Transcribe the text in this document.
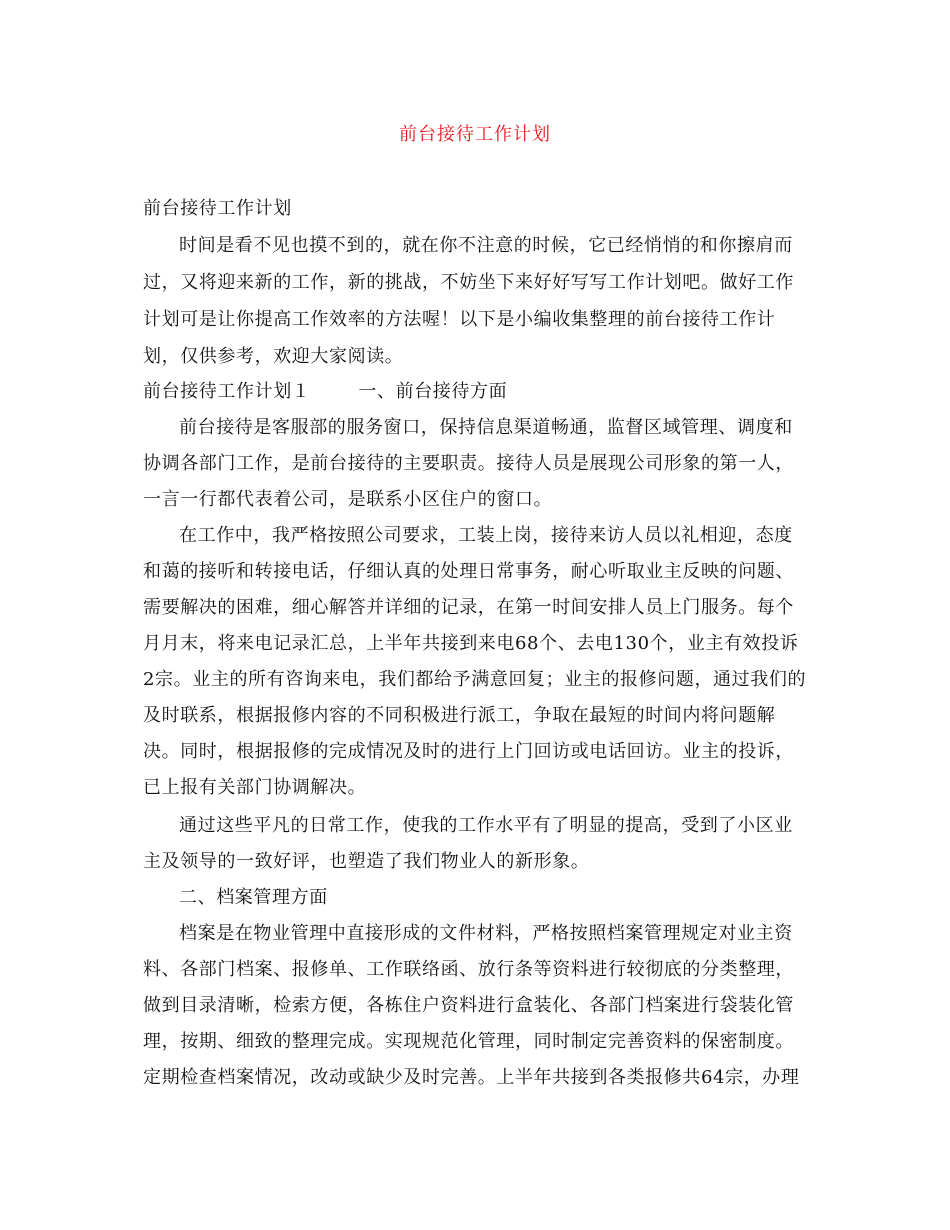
前台接待工作计划
前台接待工作计划
时间是看不见也摸不到的，就在你不注意的时候，它已经悄悄的和你擦肩而
过，又将迎来新的工作，新的挑战，不妨坐下来好好写写工作计划吧。做好工作
计划可是让你提高工作效率的方法喔！以下是小编收集整理的前台接待工作计
划，仅供参考，欢迎大家阅读。
前台接待工作计划１	一、前台接待方面
前台接待是客服部的服务窗口，保持信息渠道畅通，监督区域管理、调度和
协调各部门工作，是前台接待的主要职责。接待人员是展现公司形象的第一人，
一言一行都代表着公司，是联系小区住户的窗口。
在工作中，我严格按照公司要求，工装上岗，接待来访人员以礼相迎，态度
和蔼的接听和转接电话，仔细认真的处理日常事务，耐心听取业主反映的问题、
需要解决的困难，细心解答并详细的记录，在第一时间安排人员上门服务。每个
月月末，将来电记录汇总，上半年共接到来电68个、去电130个，业主有效投诉
2宗。业主的所有咨询来电，我们都给予满意回复；业主的报修问题，通过我们的
及时联系，根据报修内容的不同积极进行派工，争取在最短的时间内将问题解
决。同时，根据报修的完成情况及时的进行上门回访或电话回访。业主的投诉，
已上报有关部门协调解决。
通过这些平凡的日常工作，使我的工作水平有了明显的提高，受到了小区业
主及领导的一致好评，也塑造了我们物业人的新形象。
二、档案管理方面
档案是在物业管理中直接形成的文件材料，严格按照档案管理规定对业主资
料、各部门档案、报修单、工作联络函、放行条等资料进行较彻底的分类整理，
做到目录清晰，检索方便，各栋住户资料进行盒装化、各部门档案进行袋装化管
理，按期、细致的整理完成。实现规范化管理，同时制定完善资料的保密制度。
定期检查档案情况，改动或缺少及时完善。上半年共接到各类报修共64宗，办理
